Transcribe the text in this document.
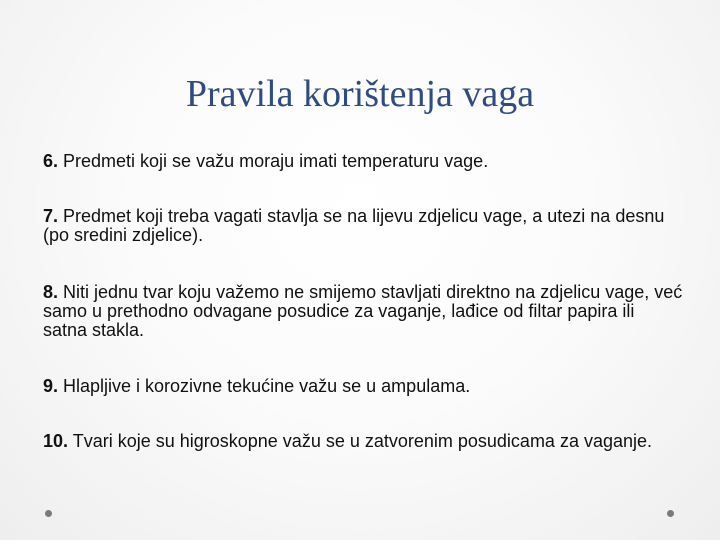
Pravila korištenja vaga

6. Predmeti koji se važu moraju imati temperaturu vage.

7. Predmet koji treba vagati stavlja se na lijevu zdjelicu vage, a utezi na desnu (po sredini zdjelice).

8. Niti jednu tvar koju važemo ne smijemo stavljati direktno na zdjelicu vage, već samo u prethodno odvagane posudice za vaganje, lađice od filtar papira ili satna stakla.

9. Hlapljive i korozivne tekućine važu se u ampulama.

10. Tvari koje su higroskopne važu se u zatvorenim posudicama za vaganje.
